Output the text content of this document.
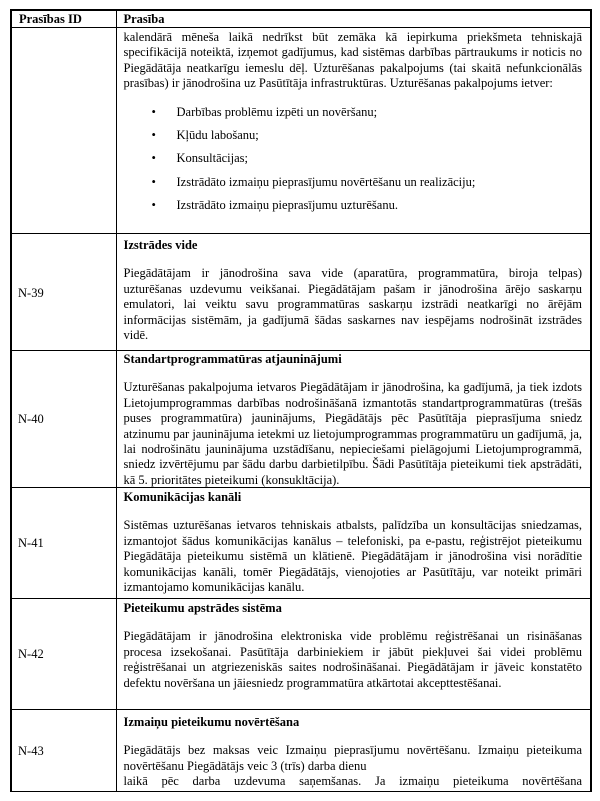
Prasības ID	Prasība

kalendārā mēneša laikā nedrīkst būt zemāka kā iepirkuma priekšmeta tehniskajā specifikācijā noteiktā, izņemot gadījumus, kad sistēmas darbības pārtraukums ir noticis no Piegādātāja neatkarīgu iemeslu dēļ. Uzturēšanas pakalpojums (tai skaitā nefunkcionālās prasības) ir jānodrošina uz Pasūtītāja infrastruktūras. Uzturēšanas pakalpojums ietver:

• Darbības problēmu izpēti un novēršanu;
• Kļūdu labošanu;
• Konsultācijas;
• Izstrādāto izmaiņu pieprasījumu novērtēšanu un realizāciju;
• Izstrādāto izmaiņu pieprasījumu uzturēšanu.

N-39	Izstrādes vide

Piegādātājam ir jānodrošina sava vide (aparatūra, programmatūra, biroja telpas) uzturēšanas uzdevumu veikšanai. Piegādātājam pašam ir jānodrošina ārējo saskarņu emulatori, lai veiktu savu programmatūras saskarņu izstrādi neatkarīgi no ārējām informācijas sistēmām, ja gadījumā šādas saskarnes nav iespējams nodrošināt izstrādes vidē.

N-40	Standartprogrammatūras atjauninājumi

Uzturēšanas pakalpojuma ietvaros Piegādātājam ir jānodrošina, ka gadījumā, ja tiek izdots Lietojumprogrammas darbības nodrošināšanā izmantotās standartprogrammatūras (trešās puses programmatūra) jauninājums, Piegādātājs pēc Pasūtītāja pieprasījuma sniedz atzinumu par jauninājuma ietekmi uz lietojumprogrammas programmatūru un gadījumā, ja, lai nodrošinātu jauninājuma uzstādīšanu, nepieciešami pielāgojumi Lietojumprogrammā, sniedz izvērtējumu par šādu darbu darbietilpību. Šādi Pasūtītāja pieteikumi tiek apstrādāti, kā 5. prioritātes pieteikumi (konsukltācija).

N-41	Komunikācijas kanāli

Sistēmas uzturēšanas ietvaros tehniskais atbalsts, palīdzība un konsultācijas sniedzamas, izmantojot šādus komunikācijas kanālus – telefoniski, pa e-pastu, reģistrējot pieteikumu Piegādātāja pieteikumu sistēmā un klātienē. Piegādātājam ir jānodrošina visi norādītie komunikācijas kanāli, tomēr Piegādātājs, vienojoties ar Pasūtītāju, var noteikt primāri izmantojamo komunikācijas kanālu.

N-42	Pieteikumu apstrādes sistēma

Piegādātājam ir jānodrošina elektroniska vide problēmu reģistrēšanai un risināšanas procesa izsekošanai. Pasūtītāja darbiniekiem ir jābūt piekļuvei šai videi problēmu reģistrēšanai un atgriezeniskās saites nodrošināšanai. Piegādātājam ir jāveic konstatēto defektu novēršana un jāiesniedz programmatūra atkārtotai akcepttestēšanai.

N-43	Izmaiņu pieteikumu novērtēšana

Piegādātājs bez maksas veic Izmaiņu pieprasījumu novērtēšanu. Izmaiņu pieteikuma novērtēšanu Piegādātājs veic 3 (trīs) darba dienu

laikā pēc darba uzdevuma saņemšanas. Ja izmaiņu pieteikuma novērtēšana
